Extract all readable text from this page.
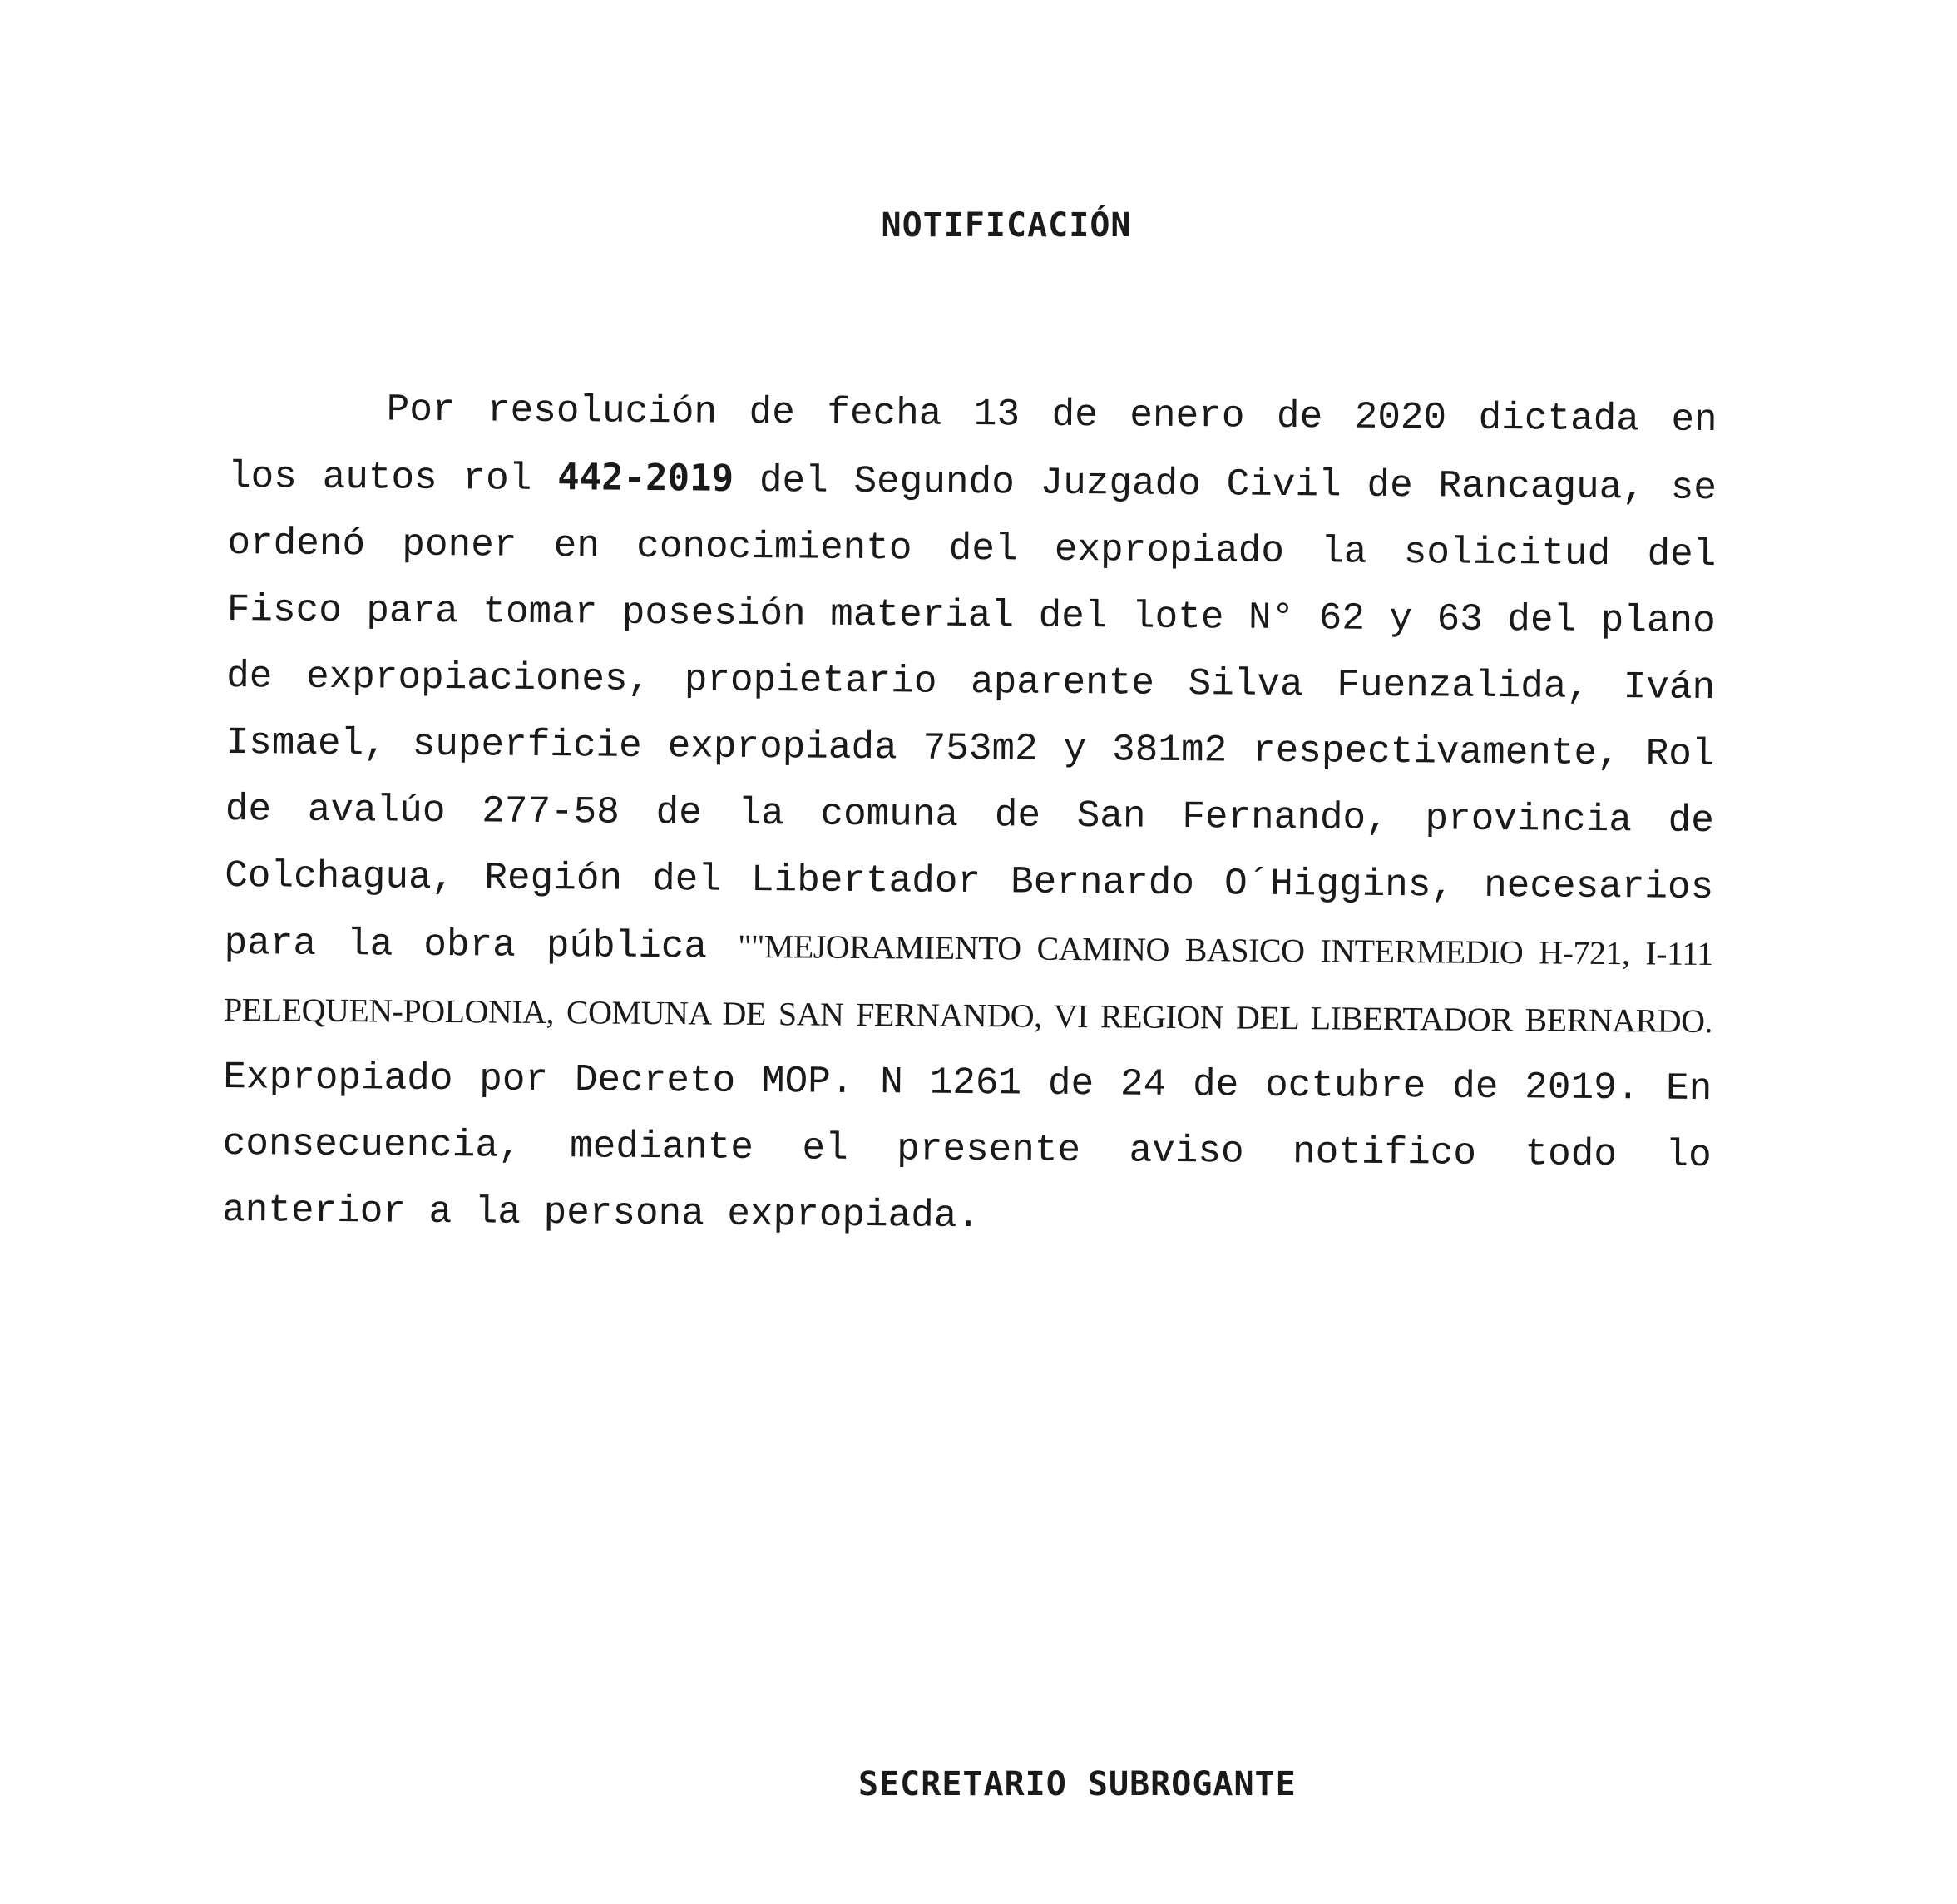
NOTIFICACIÓN

Por resolución de fecha 13 de enero de 2020 dictada en los autos rol 442-2019 del Segundo Juzgado Civil de Rancagua, se ordenó poner en conocimiento del expropiado la solicitud del Fisco para tomar posesión material del lote N° 62 y 63 del plano de expropiaciones, propietario aparente Silva Fuenzalida, Iván Ismael, superficie expropiada 753m2 y 381m2 respectivamente, Rol de avalúo 277-58 de la comuna de San Fernando, provincia de Colchagua, Región del Libertador Bernardo O´Higgins, necesarios para la obra pública ""MEJORAMIENTO CAMINO BASICO INTERMEDIO H-721, I-111 PELEQUEN-POLONIA, COMUNA DE SAN FERNANDO, VI REGION DEL LIBERTADOR BERNARDO. Expropiado por Decreto MOP. N 1261 de 24 de octubre de 2019. En consecuencia, mediante el presente aviso notifico todo lo anterior a la persona expropiada.

SECRETARIO SUBROGANTE
